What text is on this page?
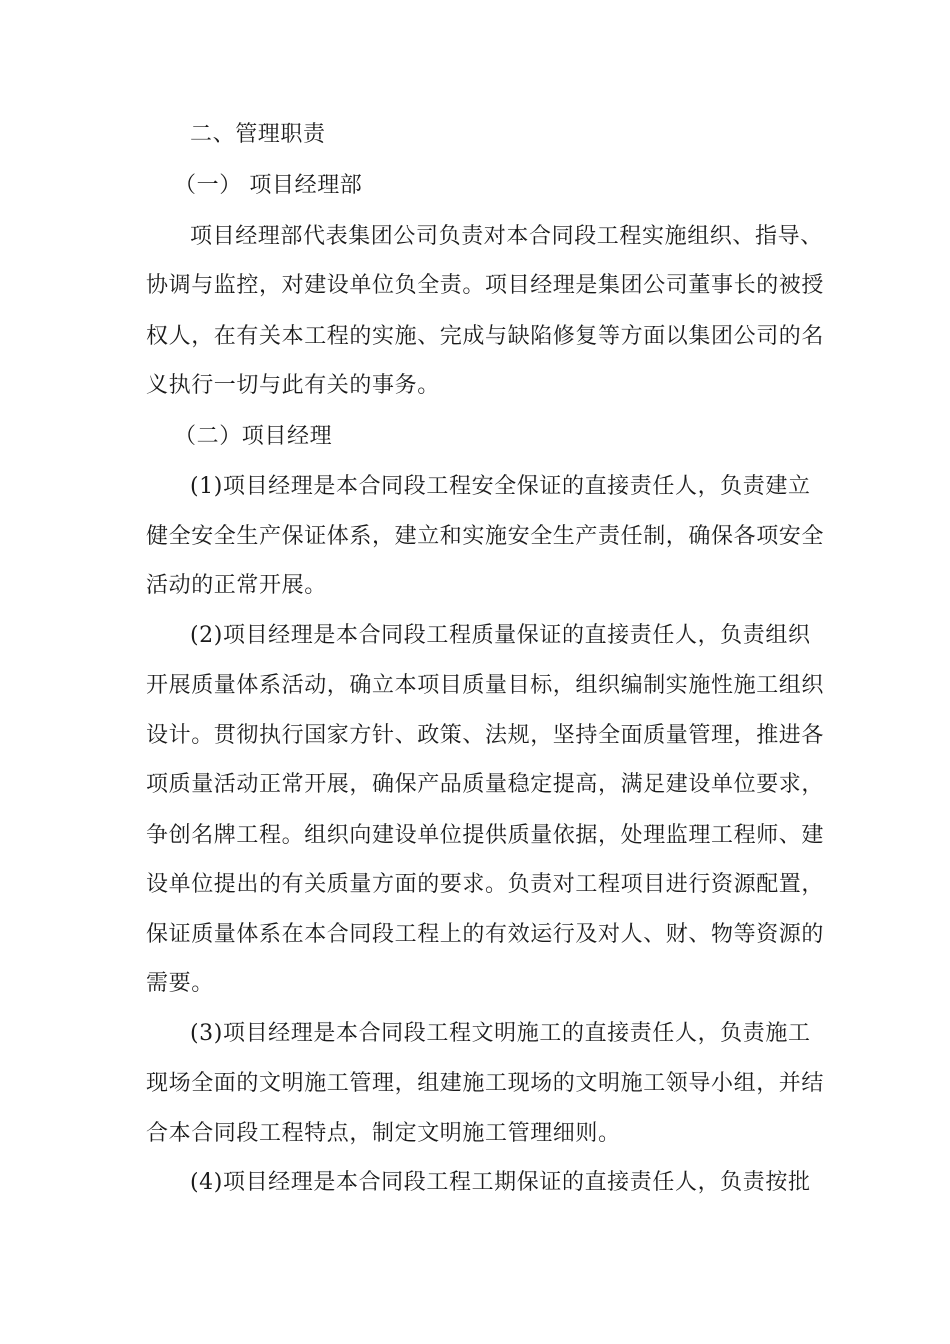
二、管理职责

（一） 项目经理部

项目经理部代表集团公司负责对本合同段工程实施组织、指导、

协调与监控，对建设单位负全责。项目经理是集团公司董事长的被授

权人，在有关本工程的实施、完成与缺陷修复等方面以集团公司的名

义执行一切与此有关的事务。

（二）项目经理

(1)项目经理是本合同段工程安全保证的直接责任人，负责建立

健全安全生产保证体系，建立和实施安全生产责任制，确保各项安全

活动的正常开展。

(2)项目经理是本合同段工程质量保证的直接责任人，负责组织

开展质量体系活动，确立本项目质量目标，组织编制实施性施工组织

设计。贯彻执行国家方针、政策、法规，坚持全面质量管理，推进各

项质量活动正常开展，确保产品质量稳定提高，满足建设单位要求，

争创名牌工程。组织向建设单位提供质量依据，处理监理工程师、建

设单位提出的有关质量方面的要求。负责对工程项目进行资源配置，

保证质量体系在本合同段工程上的有效运行及对人、财、物等资源的

需要。

(3)项目经理是本合同段工程文明施工的直接责任人，负责施工

现场全面的文明施工管理，组建施工现场的文明施工领导小组，并结

合本合同段工程特点，制定文明施工管理细则。

(4)项目经理是本合同段工程工期保证的直接责任人，负责按批
